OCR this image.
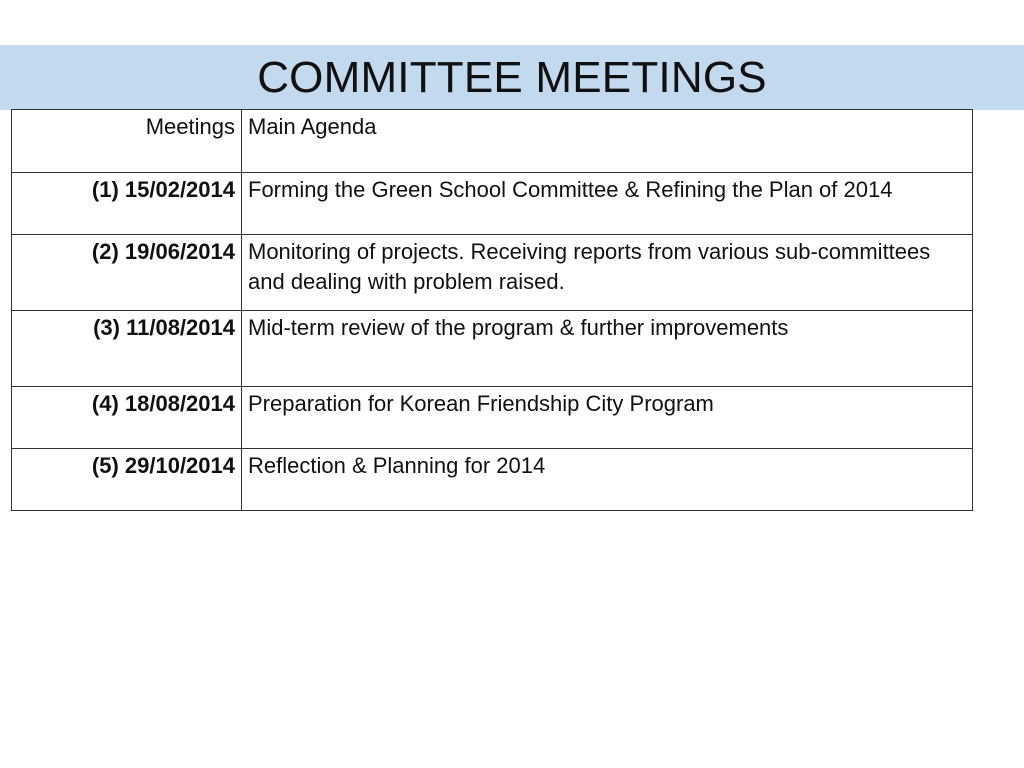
COMMITTEE MEETINGS
Meetings	Main Agenda
(1) 15/02/2014	Forming the Green School Committee & Refining the Plan of 2014
(2) 19/06/2014	Monitoring of projects. Receiving reports from various sub-committees and dealing with problem raised.
(3) 11/08/2014	Mid-term review of the program & further improvements
(4) 18/08/2014	Preparation for Korean Friendship City Program
(5) 29/10/2014	Reflection & Planning for 2014
